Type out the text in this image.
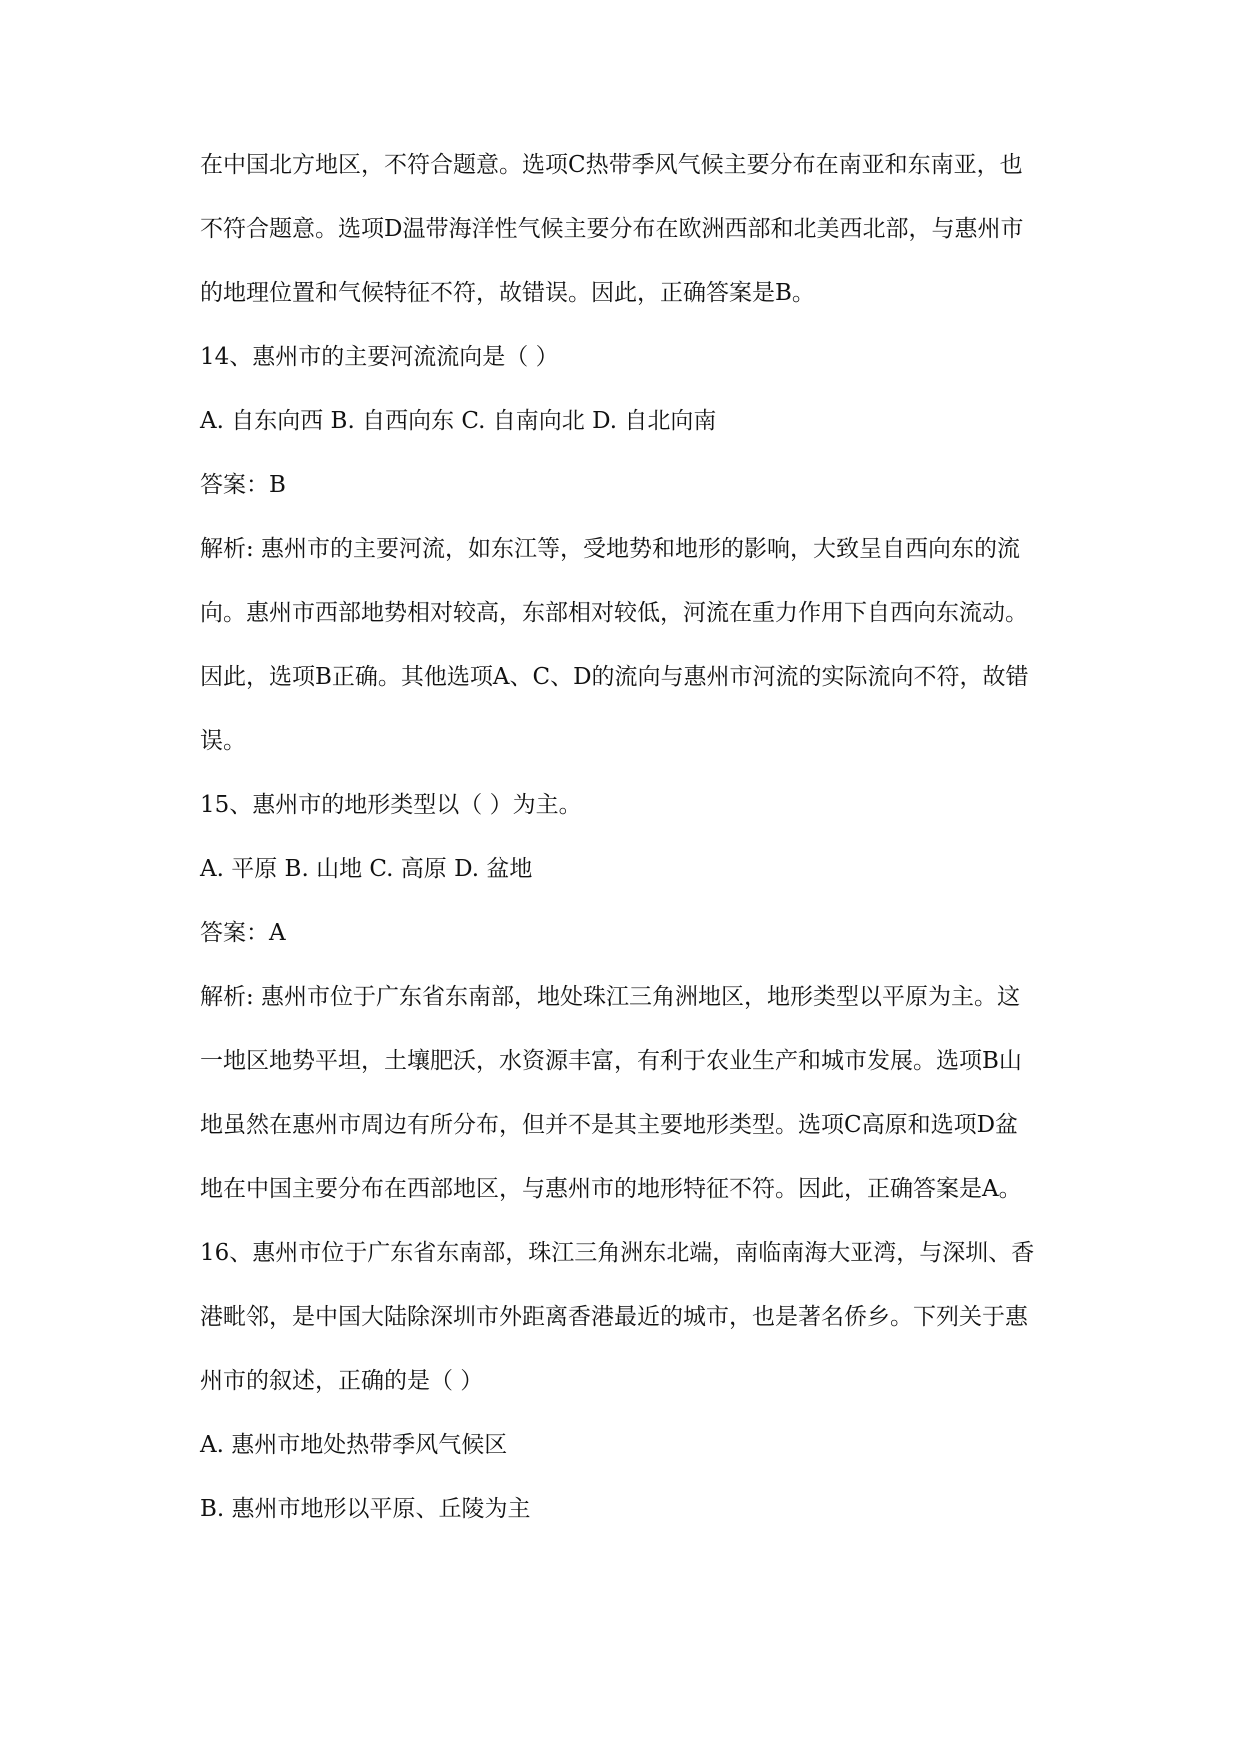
在中国北方地区，不符合题意。选项C热带季风气候主要分布在南亚和东南亚，也
不符合题意。选项D温带海洋性气候主要分布在欧洲西部和北美西北部，与惠州市
的地理位置和气候特征不符，故错误。因此，正确答案是B。
14、惠州市的主要河流流向是（ ）
A. 自东向西 B. 自西向东 C. 自南向北 D. 自北向南
答案：B
解析: 惠州市的主要河流，如东江等，受地势和地形的影响，大致呈自西向东的流
向。惠州市西部地势相对较高，东部相对较低，河流在重力作用下自西向东流动。
因此，选项B正确。其他选项A、C、D的流向与惠州市河流的实际流向不符，故错
误。
15、惠州市的地形类型以（ ）为主。
A. 平原 B. 山地 C. 高原 D. 盆地
答案：A
解析: 惠州市位于广东省东南部，地处珠江三角洲地区，地形类型以平原为主。这
一地区地势平坦，土壤肥沃，水资源丰富，有利于农业生产和城市发展。选项B山
地虽然在惠州市周边有所分布，但并不是其主要地形类型。选项C高原和选项D盆
地在中国主要分布在西部地区，与惠州市的地形特征不符。因此，正确答案是A。
16、惠州市位于广东省东南部，珠江三角洲东北端，南临南海大亚湾，与深圳、香
港毗邻，是中国大陆除深圳市外距离香港最近的城市，也是著名侨乡。下列关于惠
州市的叙述，正确的是（ ）
A. 惠州市地处热带季风气候区
B. 惠州市地形以平原、丘陵为主
